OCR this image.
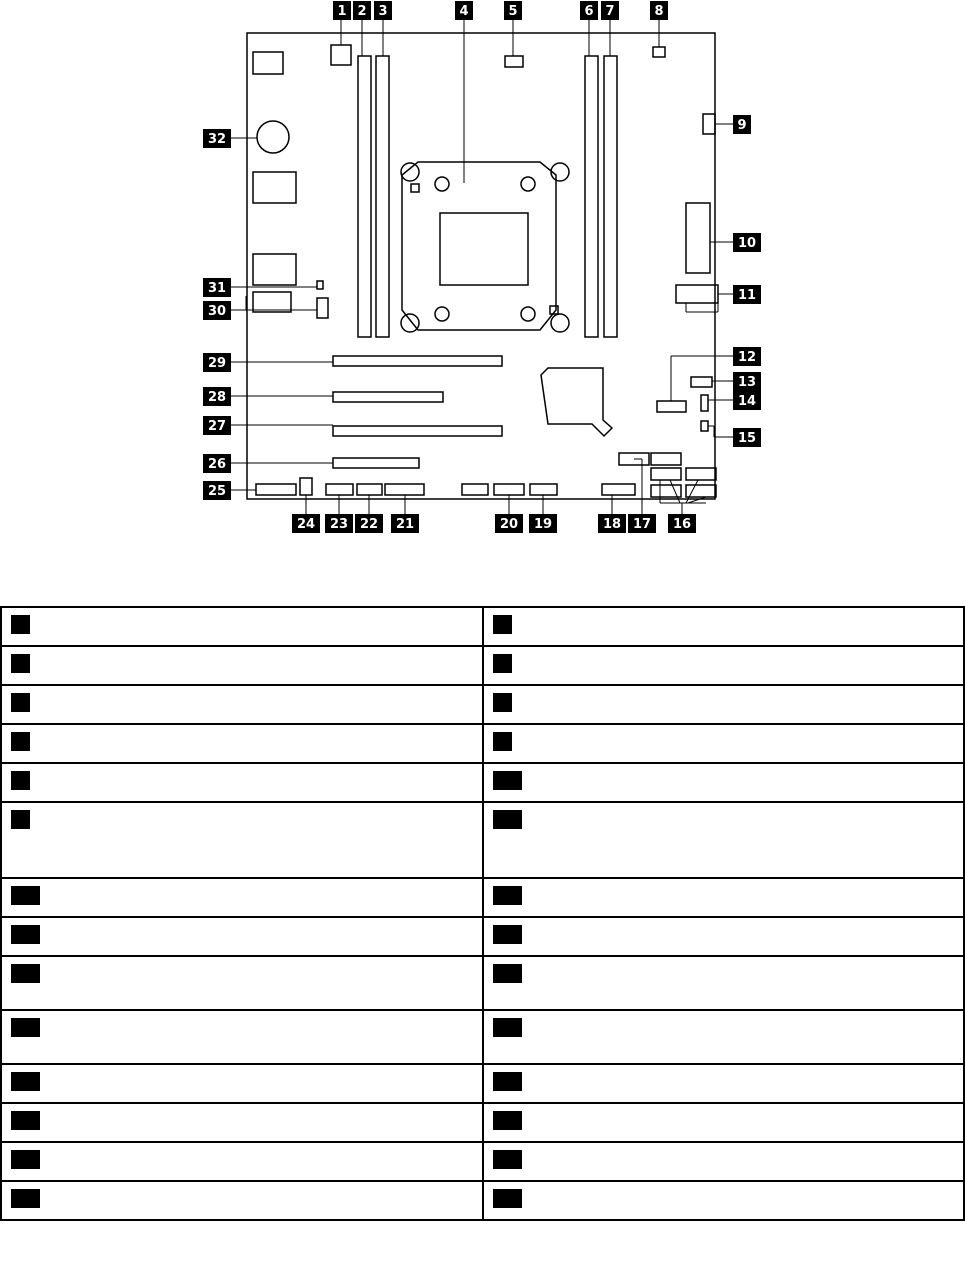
1 2 3	4	5	6 7	8
9
10
11
12
13
14
15
16
17
18
19
20
21
22
23
24
25
26
27
28
29
30
31
32
